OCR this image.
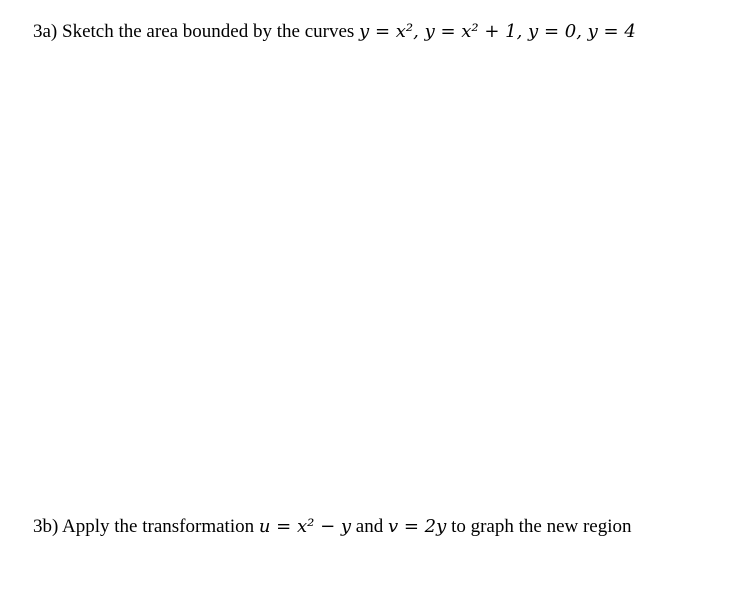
3a) Sketch the area bounded by the curves y = x², y = x² + 1, y = 0, y = 4
3b) Apply the transformation u = x² − y and v = 2y to graph the new region
